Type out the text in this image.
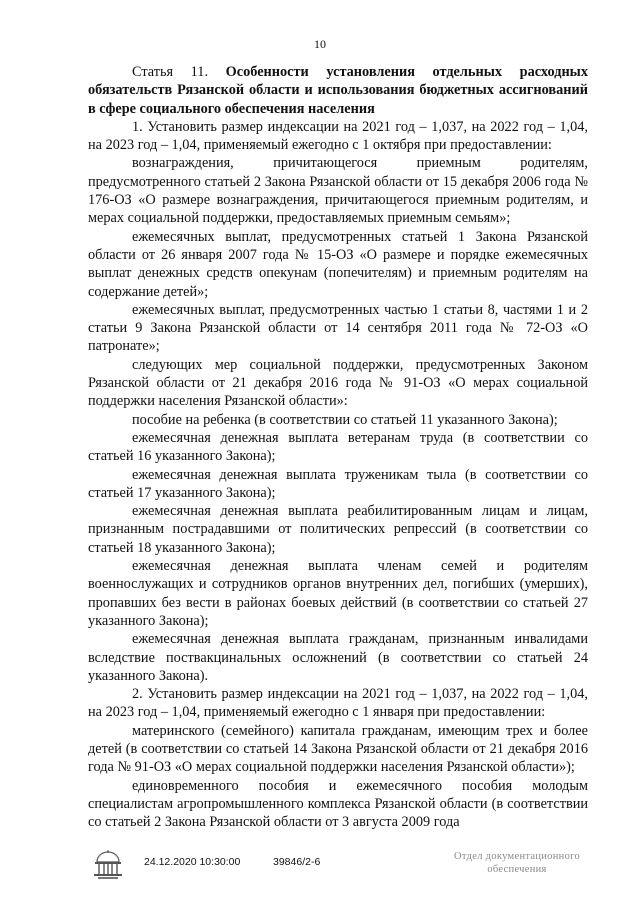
10

Статья 11. Особенности установления отдельных расходных обязательств Рязанской области и использования бюджетных ассигнований в сфере социального обеспечения населения

1. Установить размер индексации на 2021 год – 1,037, на 2022 год – 1,04, на 2023 год – 1,04, применяемый ежегодно с 1 октября при предоставлении:

вознаграждения, причитающегося приемным родителям, предусмотренного статьей 2 Закона Рязанской области от 15 декабря 2006 года № 176-ОЗ «О размере вознаграждения, причитающегося приемным родителям, и мерах социальной поддержки, предоставляемых приемным семьям»;

ежемесячных выплат, предусмотренных статьей 1 Закона Рязанской области от 26 января 2007 года № 15-ОЗ «О размере и порядке ежемесячных выплат денежных средств опекунам (попечителям) и приемным родителям на содержание детей»;

ежемесячных выплат, предусмотренных частью 1 статьи 8, частями 1 и 2 статьи 9 Закона Рязанской области от 14 сентября 2011 года № 72-ОЗ «О патронате»;

следующих мер социальной поддержки, предусмотренных Законом Рязанской области от 21 декабря 2016 года № 91-ОЗ «О мерах социальной поддержки населения Рязанской области»:

пособие на ребенка (в соответствии со статьей 11 указанного Закона);

ежемесячная денежная выплата ветеранам труда (в соответствии со статьей 16 указанного Закона);

ежемесячная денежная выплата труженикам тыла (в соответствии со статьей 17 указанного Закона);

ежемесячная денежная выплата реабилитированным лицам и лицам, признанным пострадавшими от политических репрессий (в соответствии со статьей 18 указанного Закона);

ежемесячная денежная выплата членам семей и родителям военнослужащих и сотрудников органов внутренних дел, погибших (умерших), пропавших без вести в районах боевых действий (в соответствии со статьей 27 указанного Закона);

ежемесячная денежная выплата гражданам, признанным инвалидами вследствие поствакцинальных осложнений (в соответствии со статьей 24 указанного Закона).

2. Установить размер индексации на 2021 год – 1,037, на 2022 год – 1,04, на 2023 год – 1,04, применяемый ежегодно с 1 января при предоставлении:

материнского (семейного) капитала гражданам, имеющим трех и более детей (в соответствии со статьей 14 Закона Рязанской области от 21 декабря 2016 года № 91-ОЗ «О мерах социальной поддержки населения Рязанской области»);

единовременного пособия и ежемесячного пособия молодым специалистам агропромышленного комплекса Рязанской области (в соответствии со статьей 2 Закона Рязанской области от 3 августа 2009 года

24.12.2020 10:30:00	39846/2-6	Отдел документационного
обеспечения
